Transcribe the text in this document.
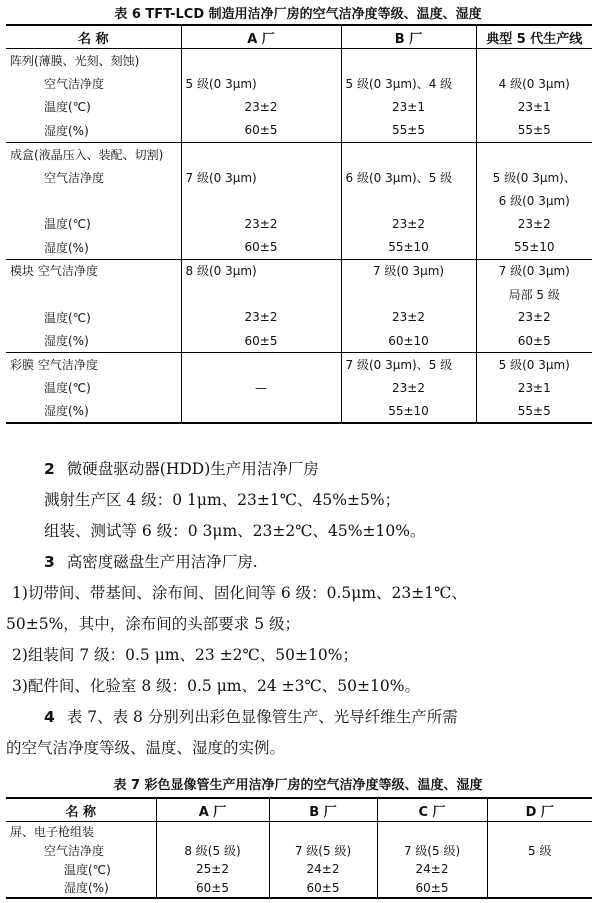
表 6 TFT-LCD 制造用洁净厂房的空气洁净度等级、温度、湿度
名 称	A 厂	B 厂	典型 5 代生产线
阵列(薄膜、光刻、刻蚀)			
空气洁净度	5 级(0 3μm)	5 级(0 3μm)、4 级	4 级(0 3μm)
温度(℃)	23±2	23±1	23±1
湿度(%)	60±5	55±5	55±5
成盒(液晶压入、装配、切割)			
空气洁净度	7 级(0 3μm)	6 级(0 3μm)、5 级	5 级(0 3μm)、
			6 级(0 3μm)
温度(℃)	23±2	23±2	23±2
湿度(%)	60±5	55±10	55±10
模块 空气洁净度	8 级(0 3μm)	7 级(0 3μm)	7 级(0 3μm)
			局部 5 级
温度(℃)	23±2	23±2	23±2
湿度(%)	60±5	60±10	60±5
彩膜 空气洁净度		7 级(0 3μm)、5 级	5 级(0 3μm)
温度(℃)	—	23±2	23±1
湿度(%)		55±10	55±5

2 微硬盘驱动器(HDD)生产用洁净厂房

溅射生产区 4 级：0 1μm、23±1℃、45%±5%；

组装、测试等 6 级：0 3μm、23±2℃、45%±10%。

3 高密度磁盘生产用洁净厂房.

1)切带间、带基间、涂布间、固化间等 6 级：0.5μm、23±1℃、

50±5%，其中，涂布间的头部要求 5 级；

2)组装间 7 级：0.5 μm、23 ±2℃、50±10%；

3)配件间、化验室 8 级：0.5 μm、24 ±3℃、50±10%。

4 表 7、表 8 分别列出彩色显像管生产、光导纤维生产所需

的空气洁净度等级、温度、湿度的实例。

表 7 彩色显像管生产用洁净厂房的空气洁净度等级、温度、湿度
名 称	A 厂	B 厂	C 厂	D 厂
屏、电子枪组装				
空气洁净度	8 级(5 级)	7 级(5 级)	7 级(5 级)	5 级
温度(℃)	25±2	24±2	24±2	
湿度(%)	60±5	60±5	60±5	
